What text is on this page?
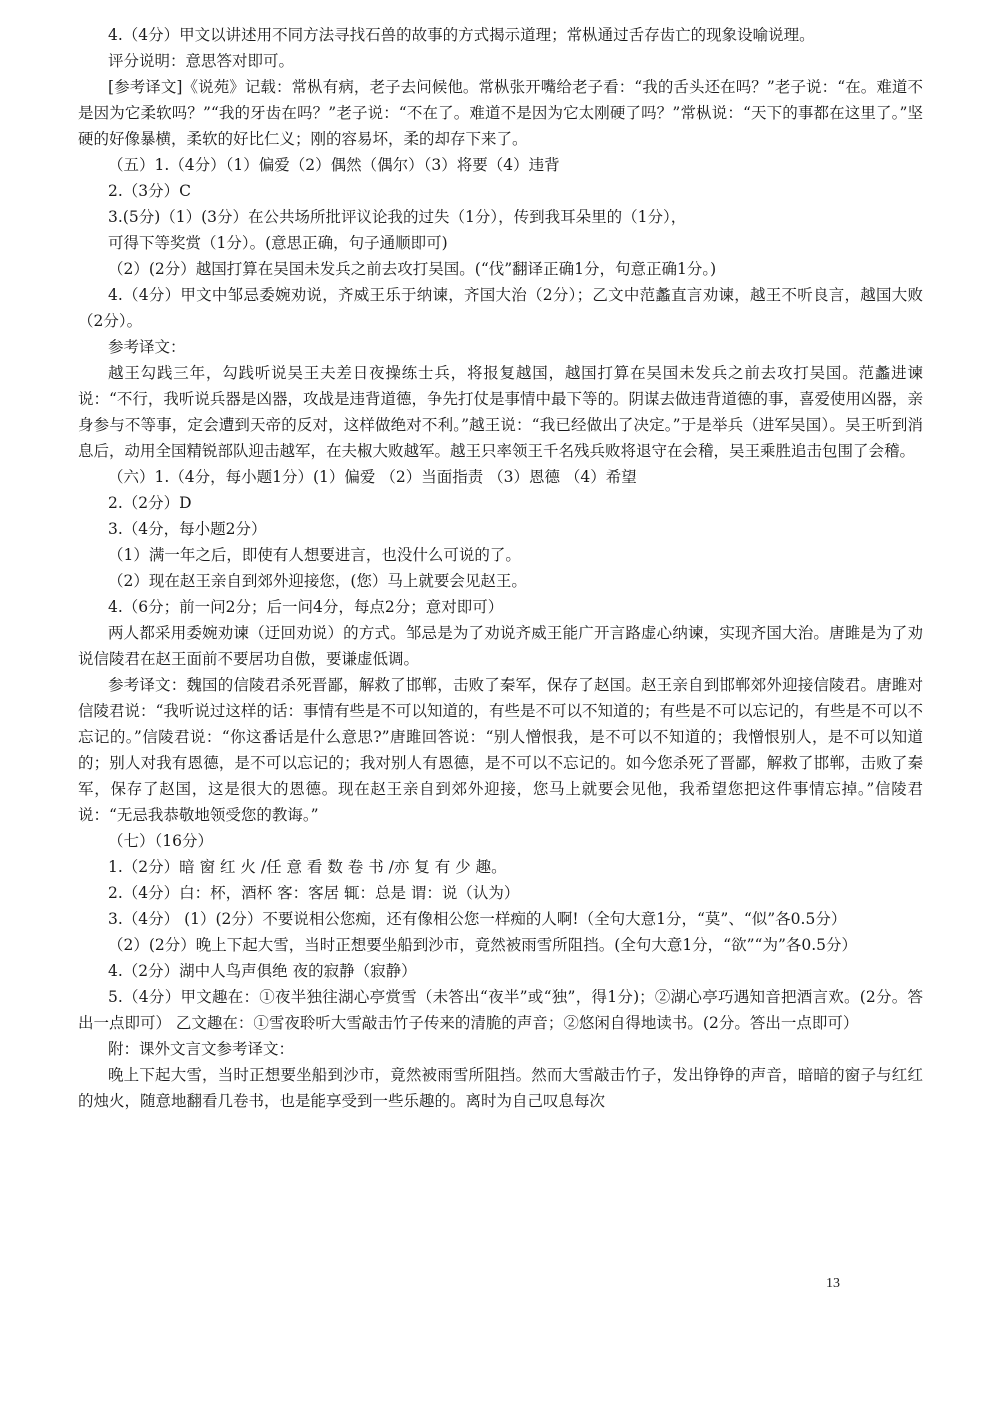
4.（4分）甲文以讲述用不同方法寻找石兽的故事的方式揭示道理；常枞通过舌存齿亡的现象设喻说理。

评分说明：意思答对即可。

[参考译文]《说苑》记载：常枞有病，老子去问候他。常枞张开嘴给老子看：“我的舌头还在吗？”老子说：“在。难道不是因为它柔软吗？”“我的牙齿在吗？”老子说：“不在了。难道不是因为它太刚硬了吗？”常枞说：“天下的事都在这里了。”坚硬的好像暴横，柔软的好比仁义；刚的容易坏，柔的却存下来了。

（五）1.（4分）（1）偏爱（2）偶然（偶尔）（3）将要（4）违背

2.（3分）C

3.(5分)（1）(3分）在公共场所批评议论我的过失（1分），传到我耳朵里的（1分），

可得下等奖赏（1分）。(意思正确，句子通顺即可)

（2）(2分）越国打算在吴国未发兵之前去攻打吴国。(“伐”翻译正确1分，句意正确1分。)

4.（4分）甲文中邹忌委婉劝说，齐威王乐于纳谏，齐国大治（2分）；乙文中范蠡直言劝谏，越王不听良言，越国大败（2分）。

参考译文：

越王勾践三年，勾践听说吴王夫差日夜操练士兵，将报复越国，越国打算在吴国未发兵之前去攻打吴国。范蠡进谏说：“不行，我听说兵器是凶器，攻战是违背道德，争先打仗是事情中最下等的。阴谋去做违背道德的事，喜爱使用凶器，亲身参与不等事，定会遭到天帝的反对，这样做绝对不利。”越王说：“我已经做出了决定。”于是举兵（进军吴国）。吴王听到消息后，动用全国精锐部队迎击越军，在夫椒大败越军。越王只率领王千名残兵败将退守在会稽，吴王乘胜追击包围了会稽。

（六）1.（4分，每小题1分）(1）偏爱 （2）当面指责 （3）恩德 （4）希望

2.（2分）D

3.（4分，每小题2分）

（1）满一年之后，即使有人想要进言，也没什么可说的了。

（2）现在赵王亲自到郊外迎接您，(您）马上就要会见赵王。

4.（6分；前一问2分；后一问4分，每点2分；意对即可）

两人都采用委婉劝谏（迂回劝说）的方式。邹忌是为了劝说齐威王能广开言路虚心纳谏，实现齐国大治。唐雎是为了劝说信陵君在赵王面前不要居功自傲，要谦虚低调。

参考译文：魏国的信陵君杀死晋鄙，解救了邯郸，击败了秦军，保存了赵国。赵王亲自到邯郸郊外迎接信陵君。唐雎对信陵君说：“我听说过这样的话：事情有些是不可以知道的，有些是不可以不知道的；有些是不可以忘记的，有些是不可以不忘记的。”信陵君说：“你这番话是什么意思?”唐雎回答说：“别人憎恨我，是不可以不知道的；我憎恨别人，是不可以知道的；别人对我有恩德，是不可以忘记的；我对别人有恩德，是不可以不忘记的。如今您杀死了晋鄙，解救了邯郸，击败了秦军，保存了赵国，这是很大的恩德。现在赵王亲自到郊外迎接，您马上就要会见他，我希望您把这件事情忘掉。”信陵君说：“无忌我恭敬地领受您的教诲。”

（七）（16分）

1.（2分）暗 窗 红 火 /任 意 看 数 卷 书 /亦 复 有 少 趣。

2.（4分）白：杯，酒杯 客：客居 辄：总是 谓：说（认为）

3.（4分） (1）(2分）不要说相公您痴，还有像相公您一样痴的人啊!（全句大意1分，“莫”、“似”各0.5分）

（2）(2分）晚上下起大雪，当时正想要坐船到沙市，竟然被雨雪所阻挡。(全句大意1分，“欲”“为”各0.5分）

4.（2分）湖中人鸟声俱绝 夜的寂静（寂静）

5.（4分）甲文趣在：①夜半独往湖心亭赏雪（未答出“夜半”或“独”，得1分)；②湖心亭巧遇知音把酒言欢。(2分。答出一点即可） 乙文趣在：①雪夜聆听大雪敲击竹子传来的清脆的声音；②悠闲自得地读书。(2分。答出一点即可）

附：课外文言文参考译文：

晚上下起大雪，当时正想要坐船到沙市，竟然被雨雪所阻挡。然而大雪敲击竹子，发出铮铮的声音，暗暗的窗子与红红的烛火，随意地翻看几卷书，也是能享受到一些乐趣的。离时为自己叹息每次

13
